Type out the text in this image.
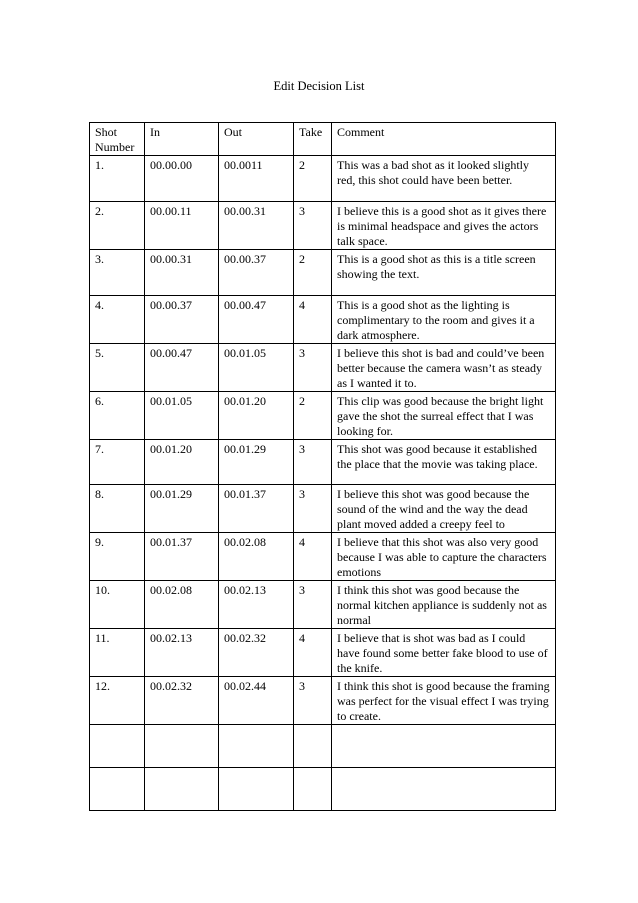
Edit Decision List
Shot Number	In	Out	Take	Comment
1.	00.00.00	00.0011	2	This was a bad shot as it looked slightly red, this shot could have been better.
2.	00.00.11	00.00.31	3	I believe this is a good shot as it gives there is minimal headspace and gives the actors talk space.
3.	00.00.31	00.00.37	2	This is a good shot as this is a title screen showing the text.
4.	00.00.37	00.00.47	4	This is a good shot as the lighting is complimentary to the room and gives it a dark atmosphere.
5.	00.00.47	00.01.05	3	I believe this shot is bad and could’ve been better because the camera wasn’t as steady as I wanted it to.
6.	00.01.05	00.01.20	2	This clip was good because the bright light gave the shot the surreal effect that I was looking for.
7.	00.01.20	00.01.29	3	This shot was good because it established the place that the movie was taking place.
8.	00.01.29	00.01.37	3	I believe this shot was good because the sound of the wind and the way the dead plant moved added a creepy feel to
9.	00.01.37	00.02.08	4	I believe that this shot was also very good because I was able to capture the characters emotions
10.	00.02.08	00.02.13	3	I think this shot was good because the normal kitchen appliance is suddenly not as normal
11.	00.02.13	00.02.32	4	I believe that is shot was bad as I could have found some better fake blood to use of the knife.
12.	00.02.32	00.02.44	3	I think this shot is good because the framing was perfect for the visual effect I was trying to create.
